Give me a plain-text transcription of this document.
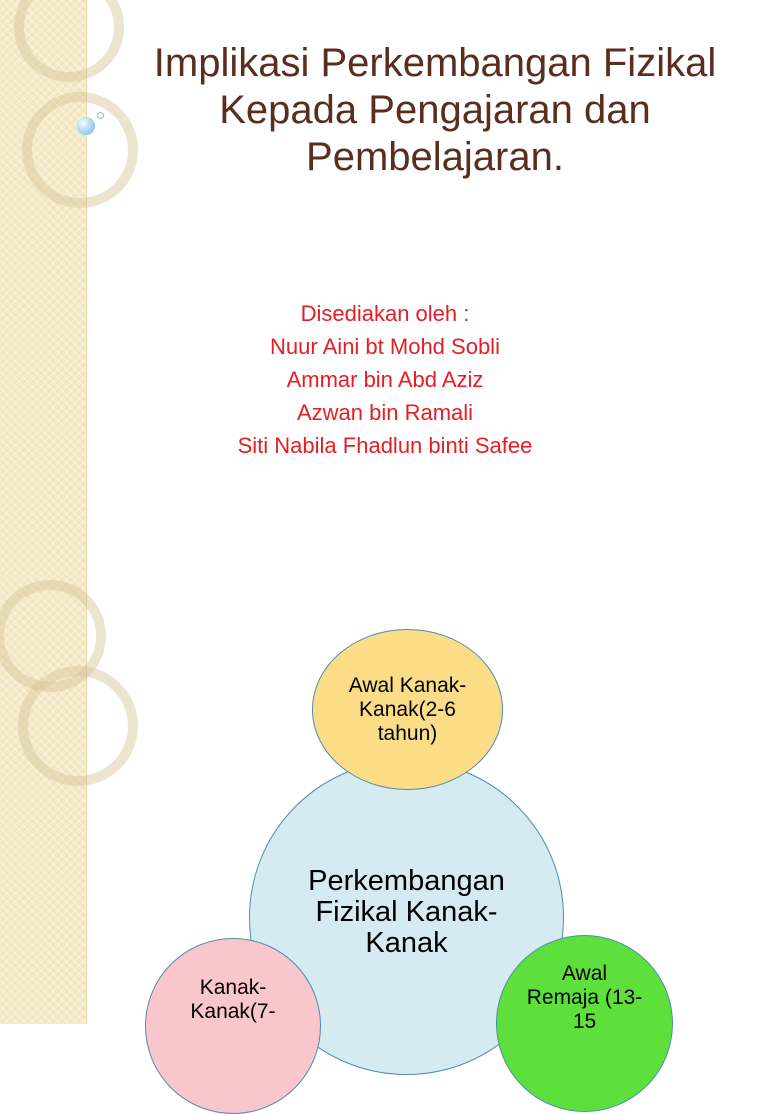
Implikasi Perkembangan Fizikal
Kepada Pengajaran dan
Pembelajaran.
Disediakan oleh :
Nuur Aini bt Mohd Sobli
Ammar bin Abd Aziz
Azwan bin Ramali
Siti Nabila Fhadlun binti Safee
Perkembangan Fizikal Kanak-Kanak
Awal Kanak-Kanak(2-6 tahun)
Kanak-Kanak(7-
Awal Remaja (13-15
